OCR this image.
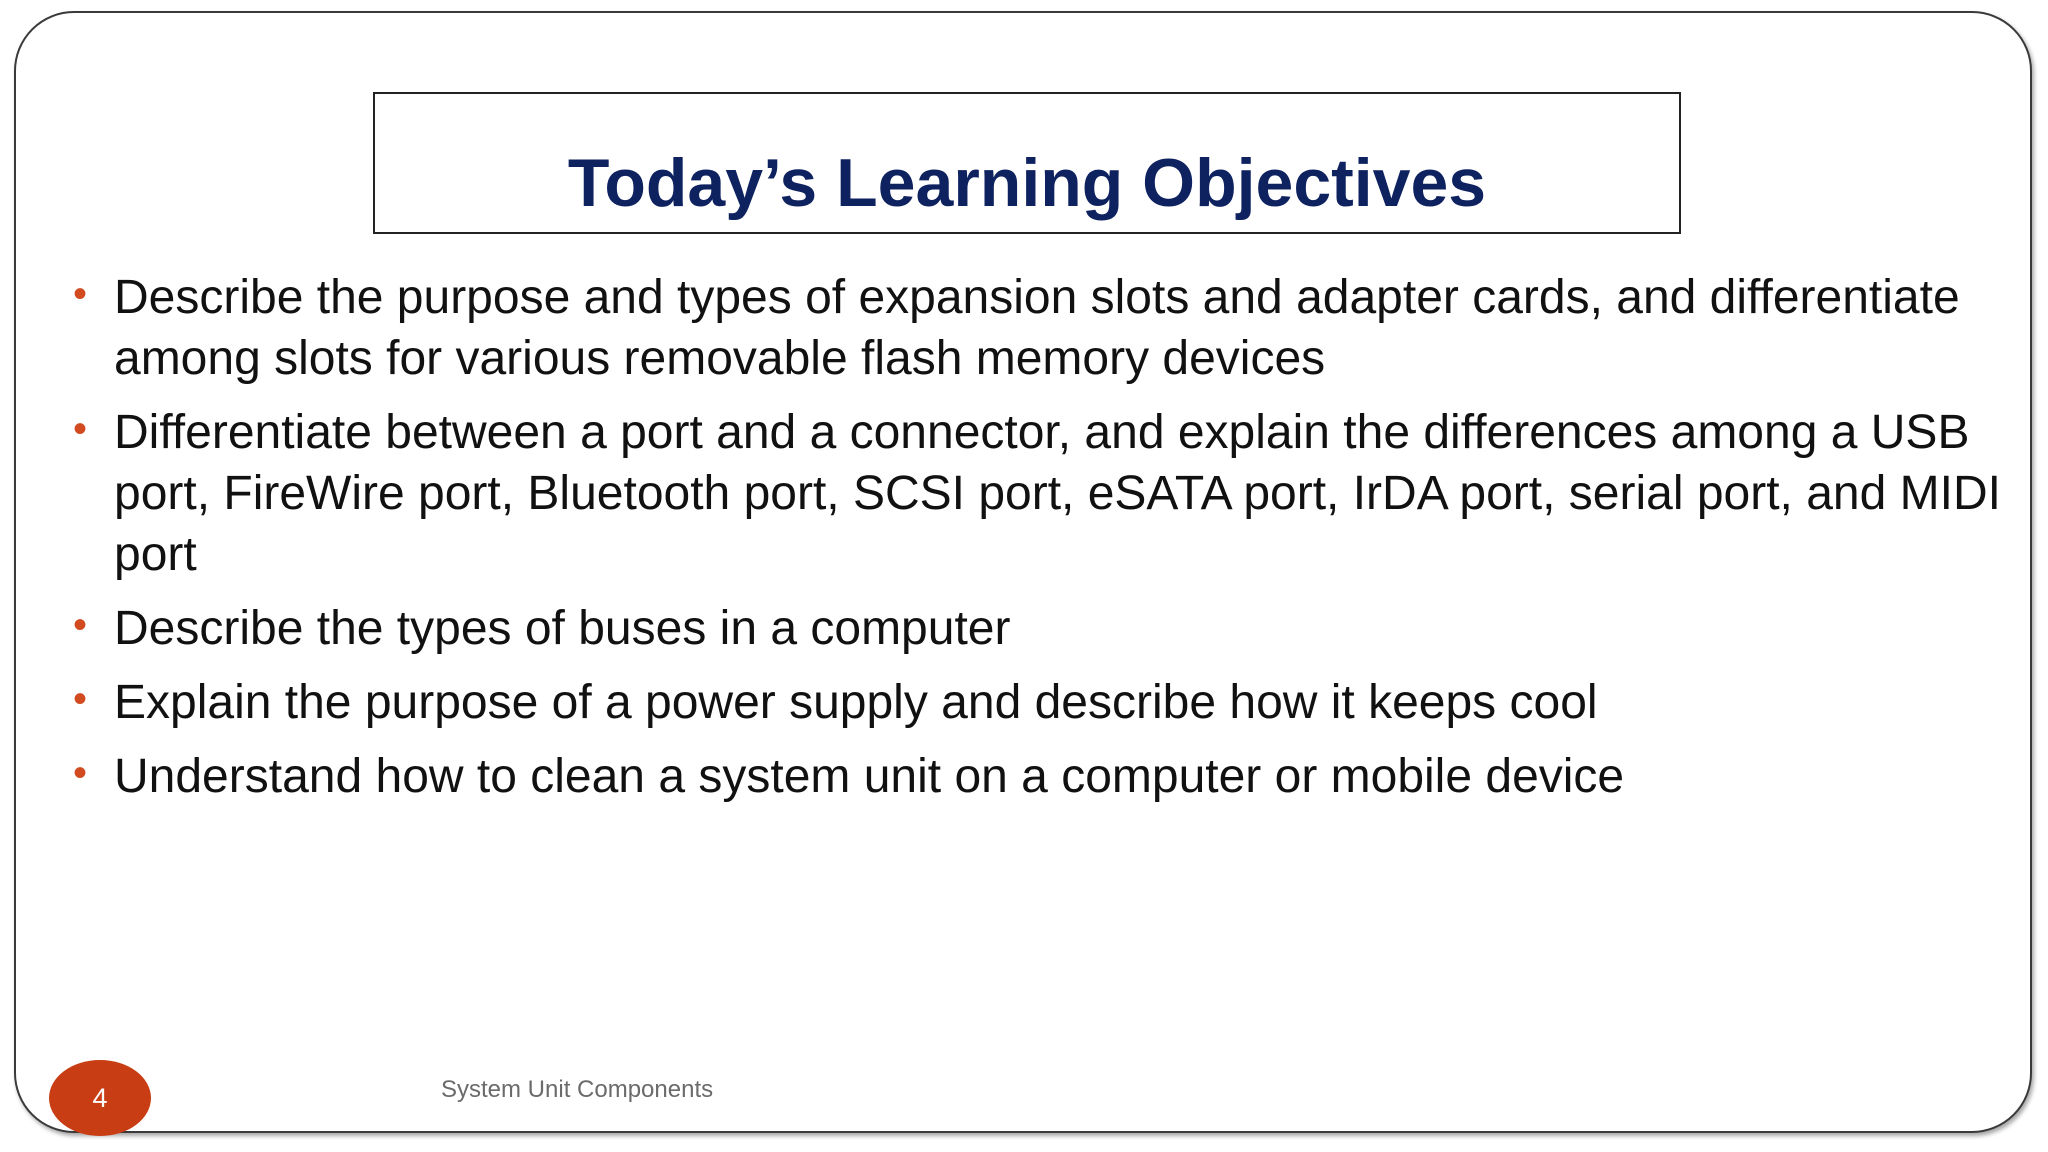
Today’s Learning Objectives
• Describe the purpose and types of expansion slots and adapter cards, and differentiate among slots for various removable flash memory devices
• Differentiate between a port and a connector, and explain the differences among a USB port, FireWire port, Bluetooth port, SCSI port, eSATA port, IrDA port, serial port, and MIDI port
• Describe the types of buses in a computer
• Explain the purpose of a power supply and describe how it keeps cool
• Understand how to clean a system unit on a computer or mobile device
4	System Unit Components
